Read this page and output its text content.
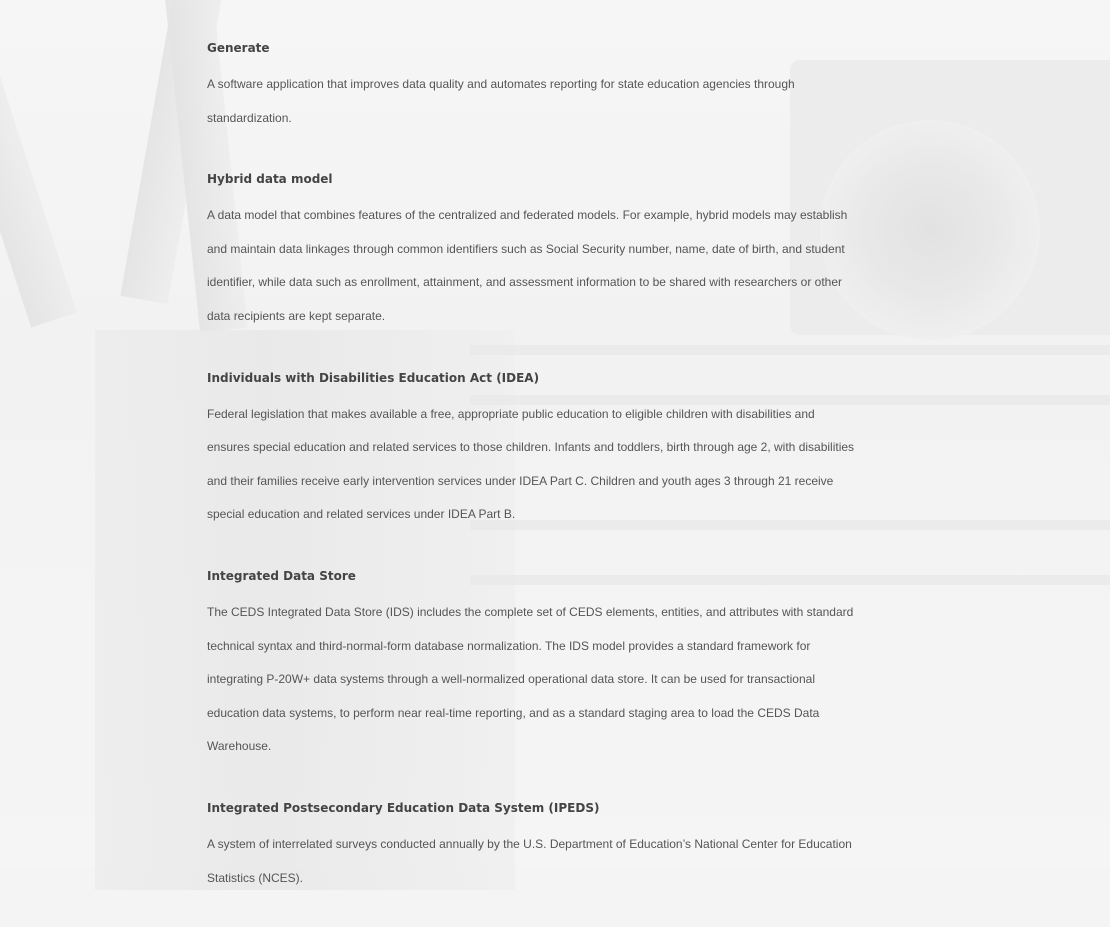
Generate

A software application that improves data quality and automates reporting for state education agencies through standardization.

Hybrid data model

A data model that combines features of the centralized and federated models. For example, hybrid models may establish and maintain data linkages through common identifiers such as Social Security number, name, date of birth, and student identifier, while data such as enrollment, attainment, and assessment information to be shared with researchers or other data recipients are kept separate.

Individuals with Disabilities Education Act (IDEA)

Federal legislation that makes available a free, appropriate public education to eligible children with disabilities and ensures special education and related services to those children. Infants and toddlers, birth through age 2, with disabilities and their families receive early intervention services under IDEA Part C. Children and youth ages 3 through 21 receive special education and related services under IDEA Part B.

Integrated Data Store

The CEDS Integrated Data Store (IDS) includes the complete set of CEDS elements, entities, and attributes with standard technical syntax and third-normal-form database normalization. The IDS model provides a standard framework for integrating P-20W+ data systems through a well-normalized operational data store. It can be used for transactional education data systems, to perform near real-time reporting, and as a standard staging area to load the CEDS Data Warehouse.

Integrated Postsecondary Education Data System (IPEDS)

A system of interrelated surveys conducted annually by the U.S. Department of Education’s National Center for Education Statistics (NCES).
